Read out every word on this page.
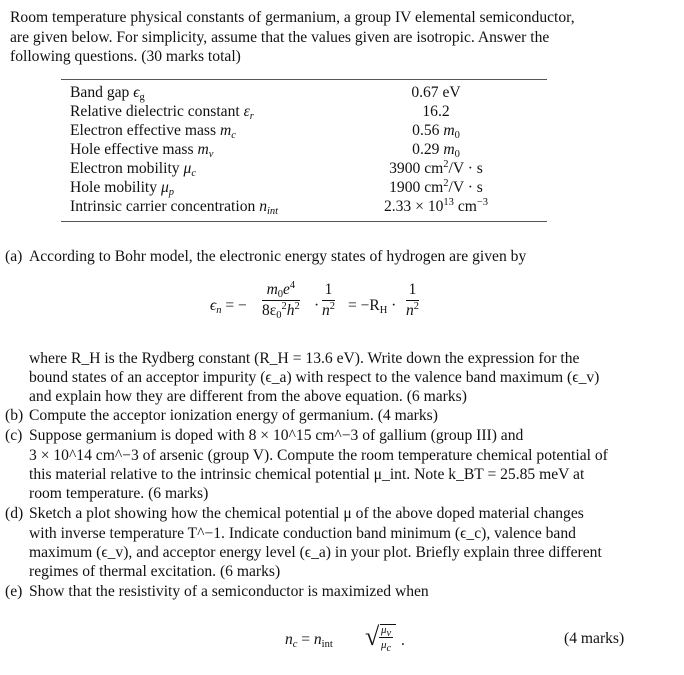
Room temperature physical constants of germanium, a group IV elemental semiconductor,
are given below. For simplicity, assume that the values given are isotropic. Answer the
following questions. (30 marks total)
Band gap $\epsilon_g$	0.67 eV
Relative dielectric constant $\varepsilon_r$	16.2
Electron effective mass $m_c$	0.56 $m_0$
Hole effective mass $m_v$	0.29 $m_0$
Electron mobility $\mu_c$	3900 $cm^2/V \cdot s$
Hole mobility $\mu_p$	1900 $cm^2/V \cdot s$
Intrinsic carrier concentration $n_{int}$	$2.33 \times 10^{13}$ $cm^{-3}$
(a) According to Bohr model, the electronic energy states of hydrogen are given by
$\epsilon_n$ = − $\frac{m_0e^4}{8\varepsilon_0^2h^2} \cdot \frac{1}{n^2} = -R_H \cdot \frac{1}{n^2}$
where R_H is the Rydberg constant (R_H = 13.6 eV). Write down the expression for the
bound states of an acceptor impurity (ϵ_a) with respect to the valence band maximum (ϵ_v)
and explain how they are different from the above equation. (6 marks)
(b) Compute the acceptor ionization energy of germanium. (4 marks)
(c) Suppose germanium is doped with 8 × 10^15 cm^−3 of gallium (group III) and
3 × 10^14 cm^−3 of arsenic (group V). Compute the room temperature chemical potential of
this material relative to the intrinsic chemical potential μ_int. Note k_BT = 25.85 meV at
room temperature. (6 marks)
(d) Sketch a plot showing how the chemical potential μ of the above doped material changes
with inverse temperature T^−1. Indicate conduction band minimum (ϵ_c), valence band
maximum (ϵ_v), and acceptor energy level (ϵ_a) in your plot. Briefly explain three different
regimes of thermal excitation. (6 marks)
(e) Show that the resistivity of a semiconductor is maximized when
$n_c = n_{int}$ √ $\frac{\mu_v}{\mu_c}$ .	(4 marks)
